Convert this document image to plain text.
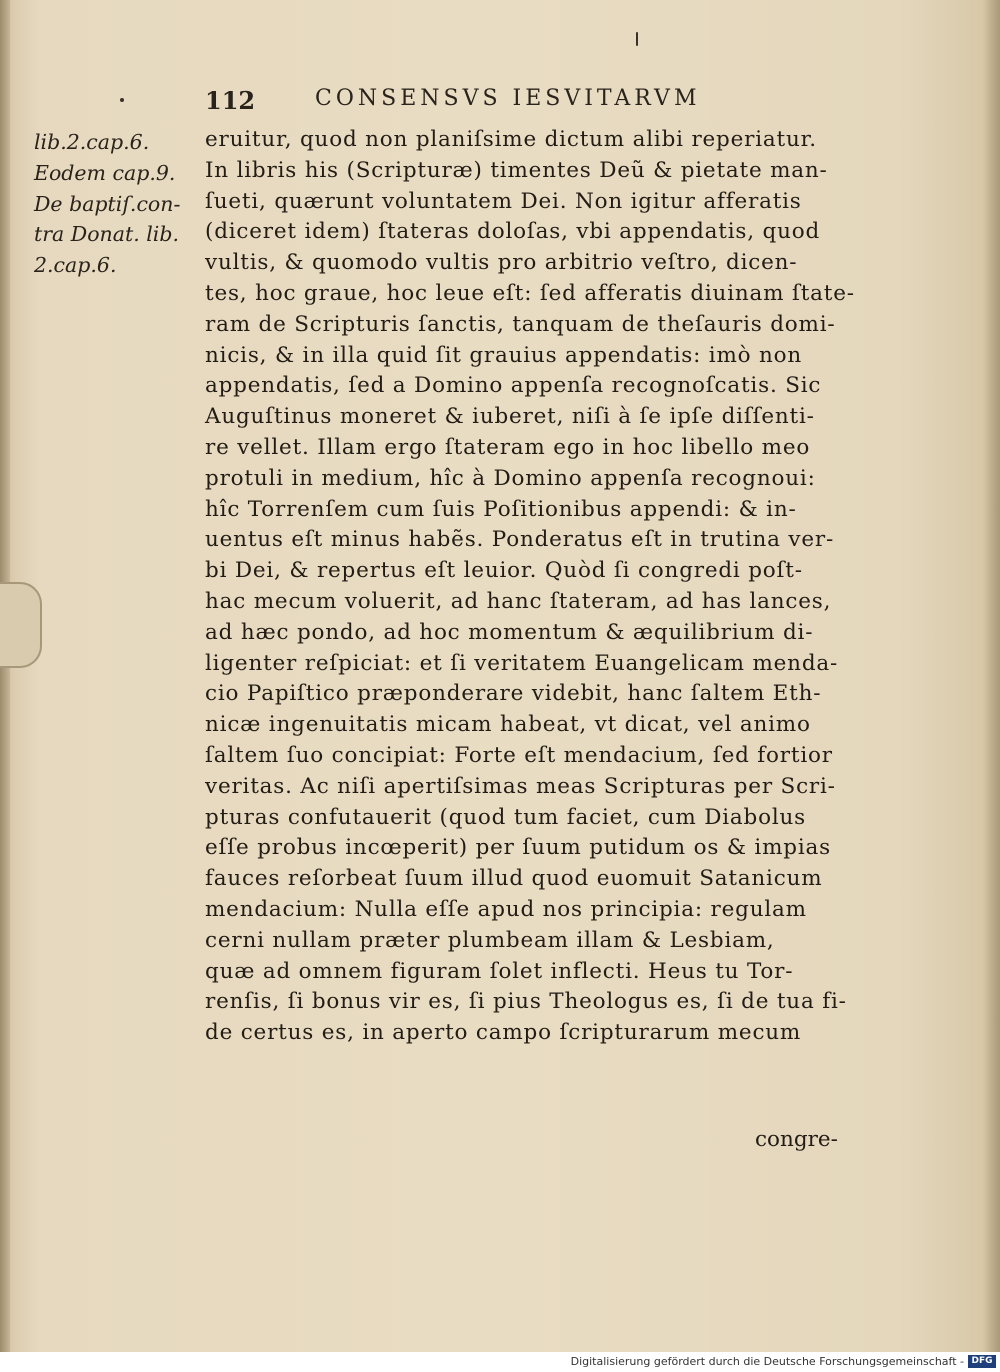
112	CONSENSVS IESVITARVM
lib.2.cap.6.
Eodem cap.9.
De baptiſ.con-
tra Donat. lib.
2.cap.6.
eruitur, quod non planiſsime dictum alibi reperiatur.
In libris his (Scripturæ) timentes Deũ & pietate man-
ſueti, quærunt voluntatem Dei. Non igitur afferatis
(diceret idem) ſtateras doloſas, vbi appendatis, quod
vultis, & quomodo vultis pro arbitrio veſtro, dicen-
tes, hoc graue, hoc leue eſt: ſed afferatis diuinam ſtate-
ram de Scripturis ſanctis, tanquam de theſauris domi-
nicis, & in illa quid ſit grauius appendatis: imò non
appendatis, ſed a Domino appenſa recognoſcatis. Sic
Auguſtinus moneret & iuberet, niſi à ſe ipſe diſſenti-
re vellet. Illam ergo ſtateram ego in hoc libello meo
protuli in medium, hîc à Domino appenſa recognoui:
hîc Torrenſem cum ſuis Poſitionibus appendi: & in-
uentus eſt minus habẽs. Ponderatus eſt in trutina ver-
bi Dei, & repertus eſt leuior. Quòd ſi congredi poſt-
hac mecum voluerit, ad hanc ſtateram, ad has lances,
ad hæc pondo, ad hoc momentum & æquilibrium di-
ligenter reſpiciat: et ſi veritatem Euangelicam menda-
cio Papiſtico præponderare videbit, hanc ſaltem Eth-
nicæ ingenuitatis micam habeat, vt dicat, vel animo
ſaltem ſuo concipiat: Forte eſt mendacium, ſed fortior
veritas. Ac niſi apertiſsimas meas Scripturas per Scri-
pturas confutauerit (quod tum faciet, cum Diabolus
eſſe probus incœperit) per ſuum putidum os & impias
fauces reſorbeat ſuum illud quod euomuit Satanicum
mendacium: Nulla eſſe apud nos principia: regulam
cerni nullam præter plumbeam illam & Lesbiam,
quæ ad omnem figuram ſolet inflecti. Heus tu Tor-
renſis, ſi bonus vir es, ſi pius Theologus es, ſi de tua fi-
de certus es, in aperto campo ſcripturarum mecum
congre-
Digitalisierung gefördert durch die Deutsche Forschungsgemeinschaft - DFG
